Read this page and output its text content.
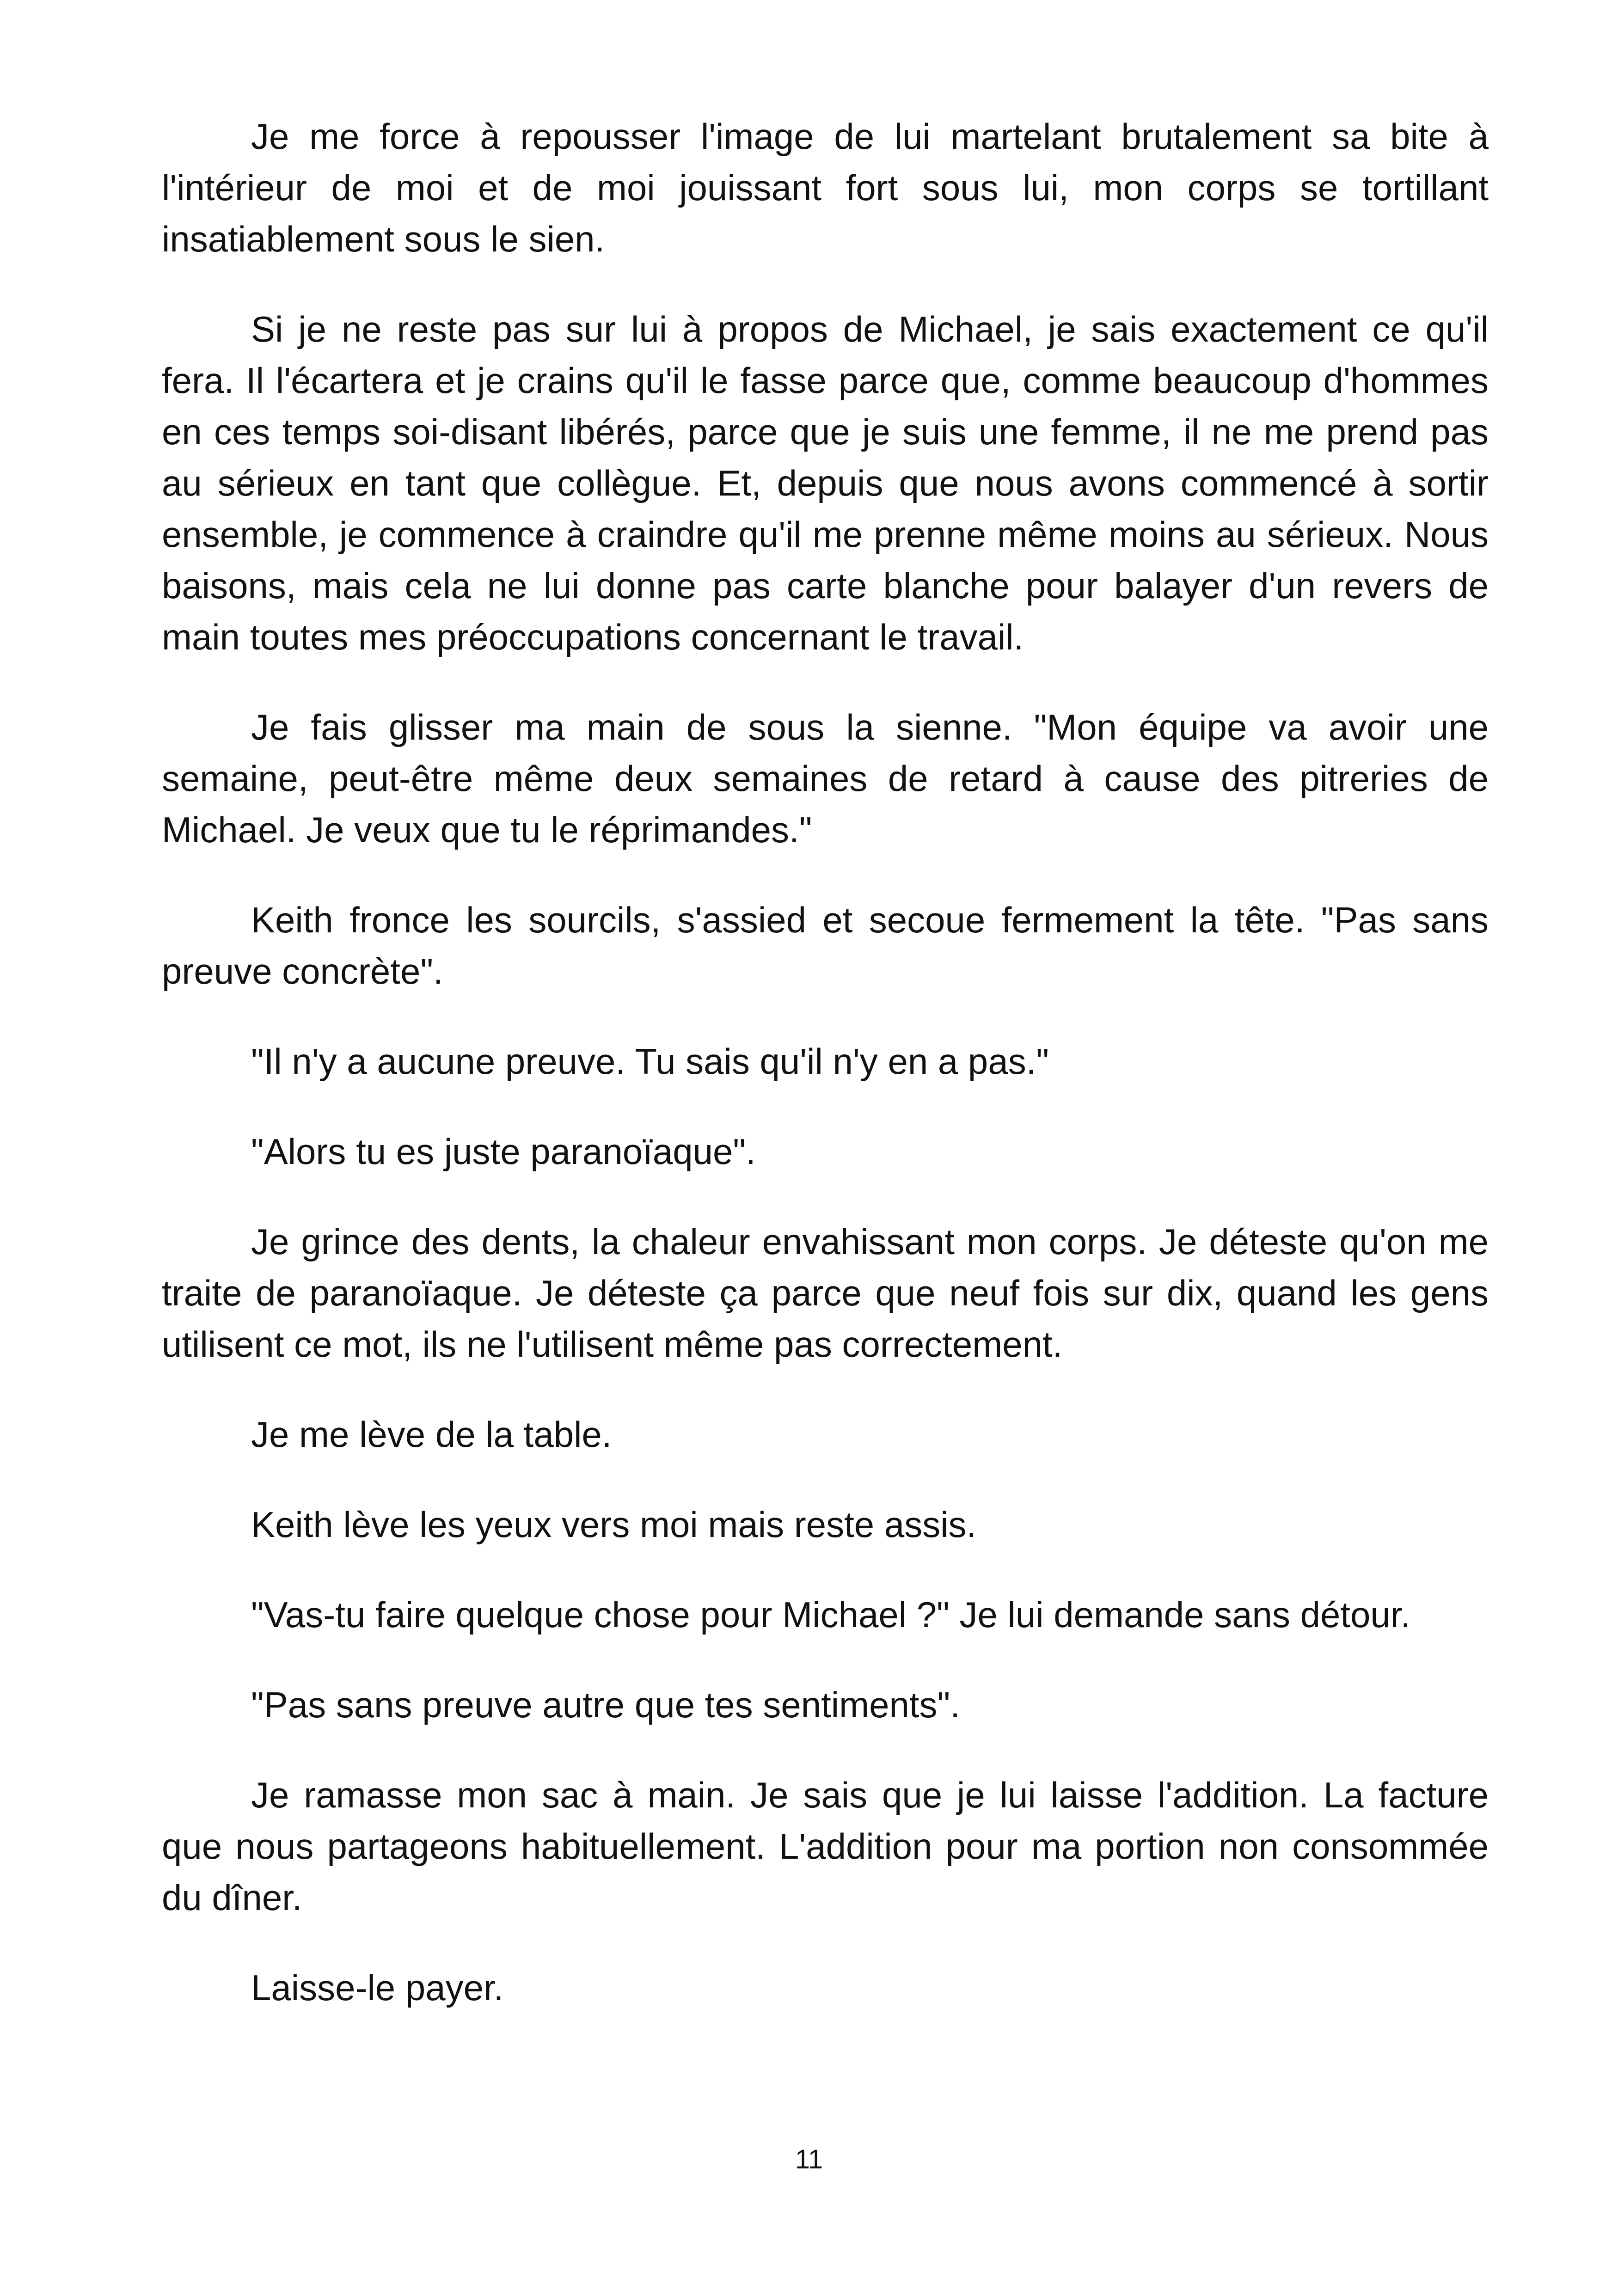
Je me force à repousser l'image de lui martelant brutalement sa bite à l'intérieur de moi et de moi jouissant fort sous lui, mon corps se tortillant insatiablement sous le sien.

Si je ne reste pas sur lui à propos de Michael, je sais exactement ce qu'il fera. Il l'écartera et je crains qu'il le fasse parce que, comme beaucoup d'hommes en ces temps soi-disant libérés, parce que je suis une femme, il ne me prend pas au sérieux en tant que collègue. Et, depuis que nous avons commencé à sortir ensemble, je commence à craindre qu'il me prenne même moins au sérieux. Nous baisons, mais cela ne lui donne pas carte blanche pour balayer d'un revers de main toutes mes préoccupations concernant le travail.

Je fais glisser ma main de sous la sienne. "Mon équipe va avoir une semaine, peut-être même deux semaines de retard à cause des pitreries de Michael. Je veux que tu le réprimandes."

Keith fronce les sourcils, s'assied et secoue fermement la tête. "Pas sans preuve concrète".

"Il n'y a aucune preuve. Tu sais qu'il n'y en a pas."

"Alors tu es juste paranoïaque".

Je grince des dents, la chaleur envahissant mon corps. Je déteste qu'on me traite de paranoïaque. Je déteste ça parce que neuf fois sur dix, quand les gens utilisent ce mot, ils ne l'utilisent même pas correctement.

Je me lève de la table.

Keith lève les yeux vers moi mais reste assis.

"Vas-tu faire quelque chose pour Michael ?" Je lui demande sans détour.

"Pas sans preuve autre que tes sentiments".

Je ramasse mon sac à main. Je sais que je lui laisse l'addition. La facture que nous partageons habituellement. L'addition pour ma portion non consommée du dîner.

Laisse-le payer.

11
